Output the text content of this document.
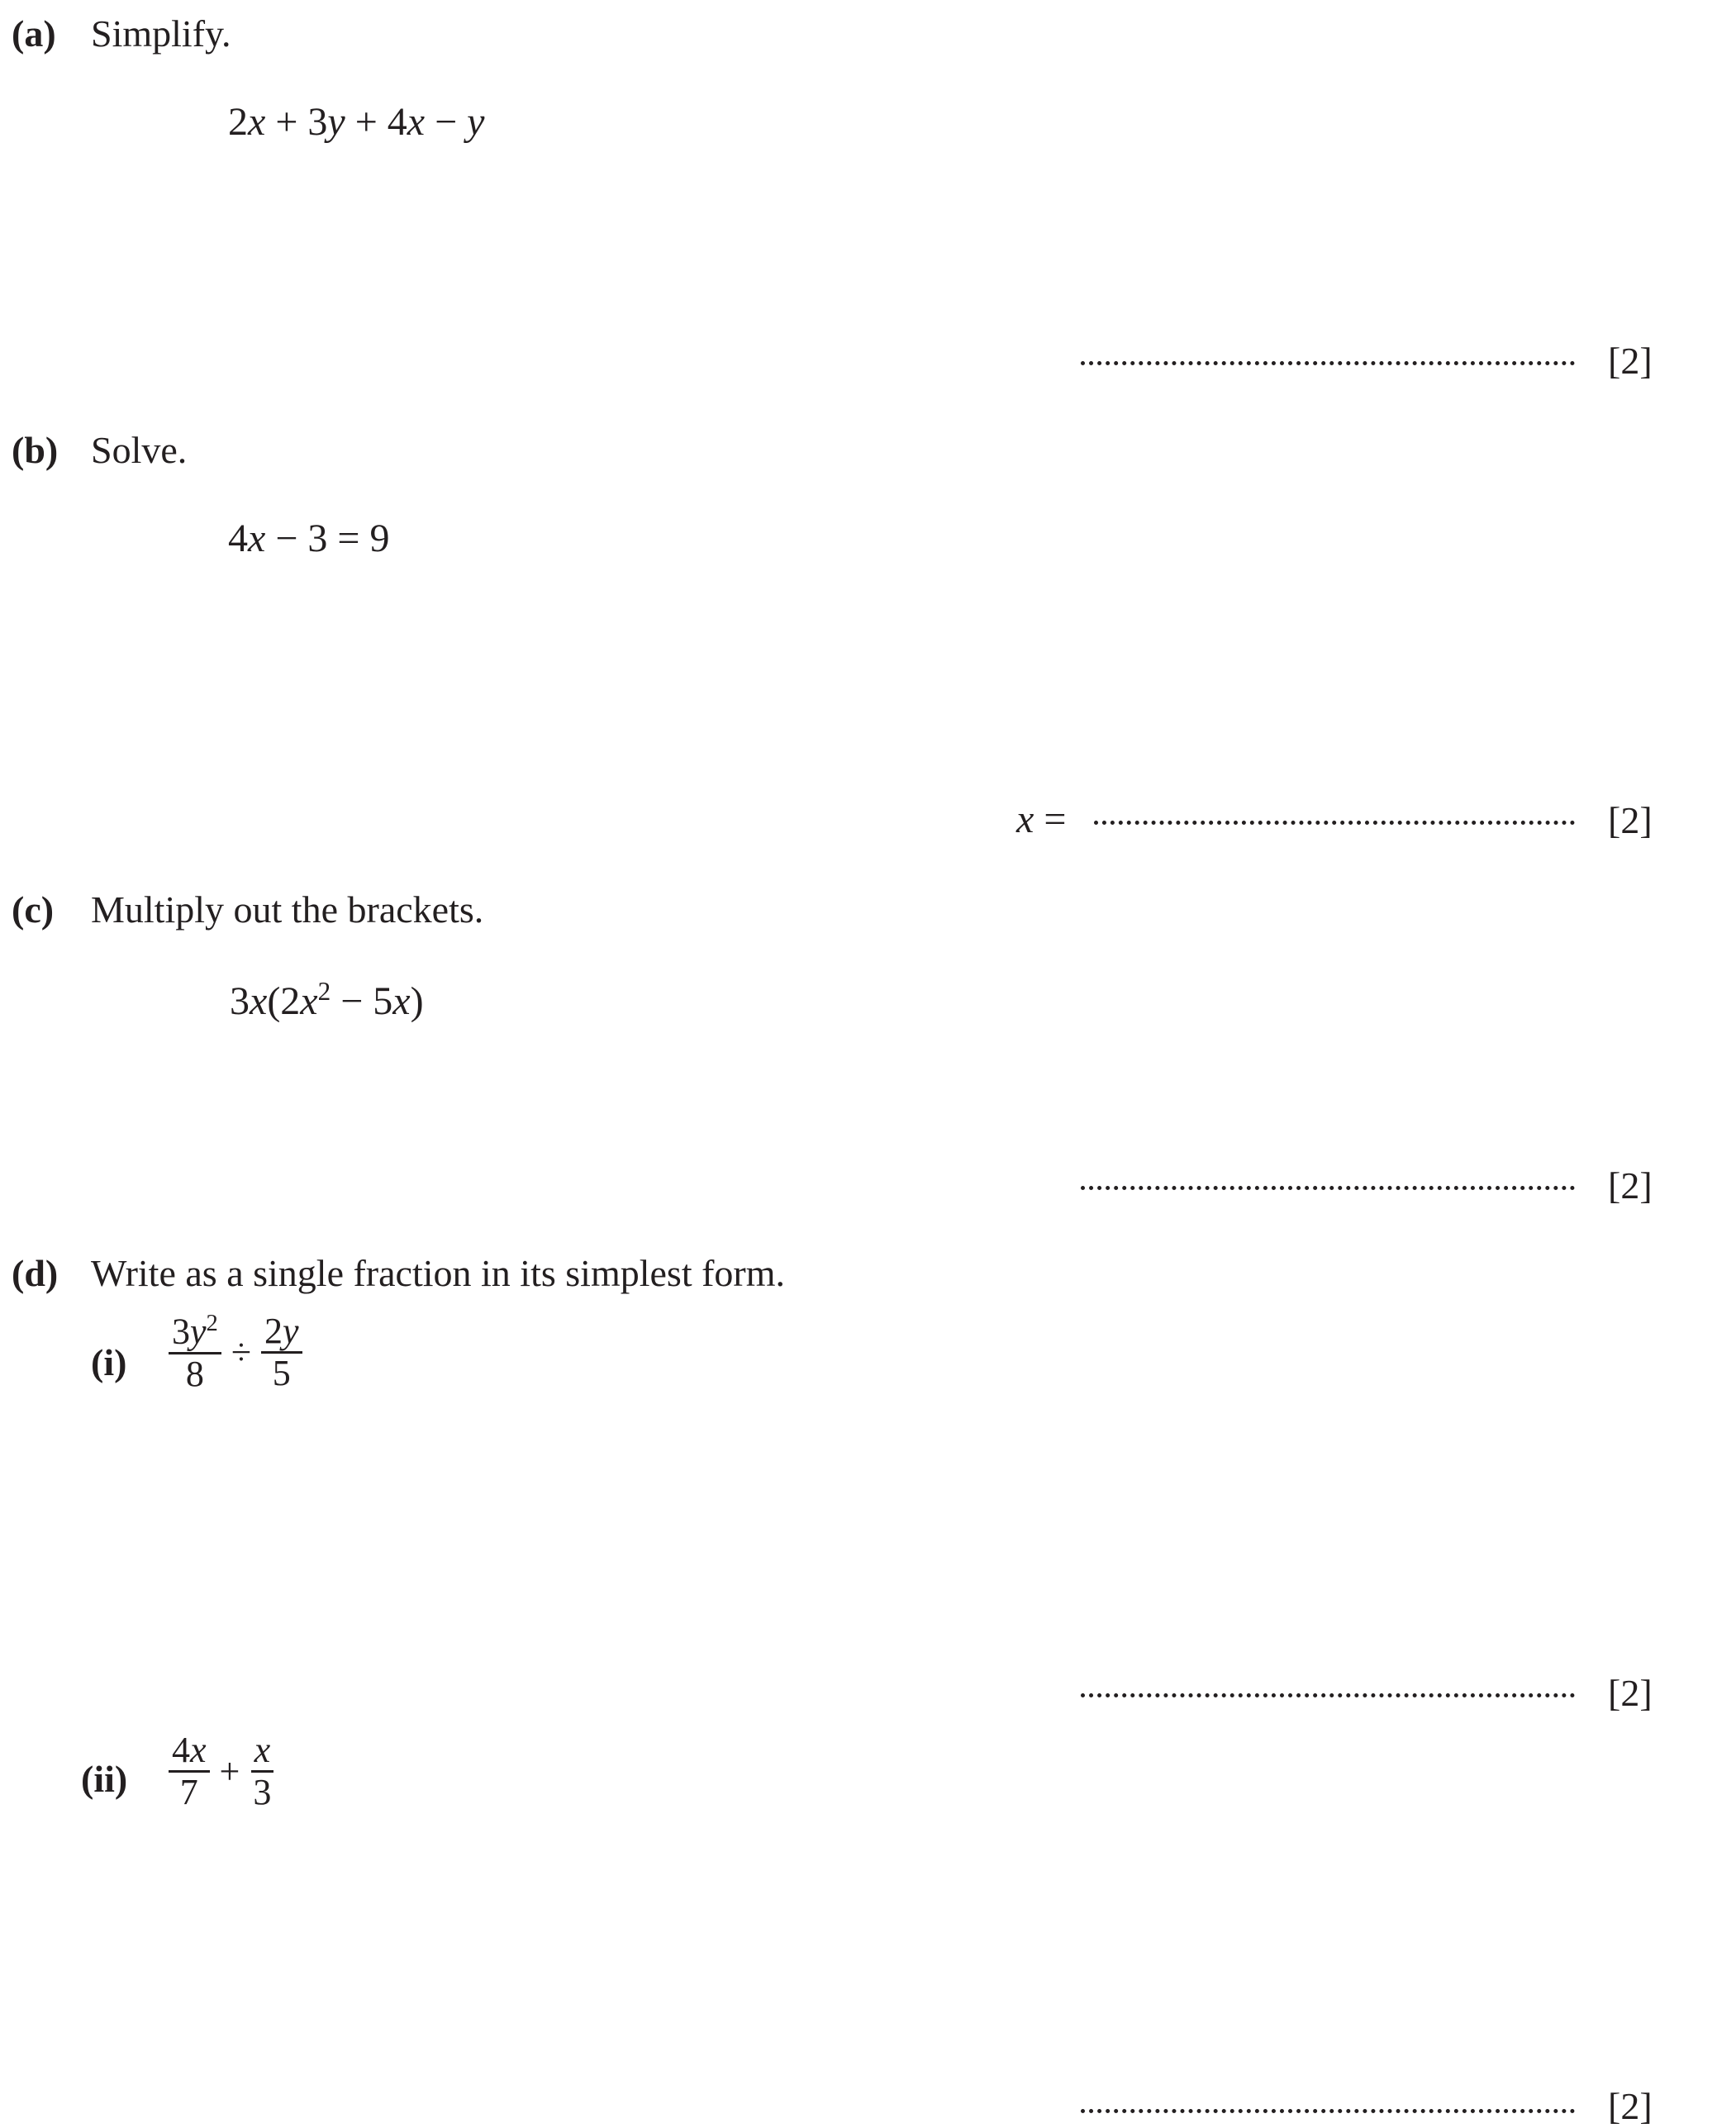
(a) Simplify.
2x + 3y + 4x − y
[2]
(b) Solve.
4x − 3 = 9
x =	[2]
(c) Multiply out the brackets.
$3x(2x^2 - 5x)$
[2]
(d) Write as a single fraction in its simplest form.
$(i) \frac{3y^2}{8} \div \frac{2y}{5}$
[2]
$(ii) \frac{4x}{7} + \frac{x}{3}$
[2]
